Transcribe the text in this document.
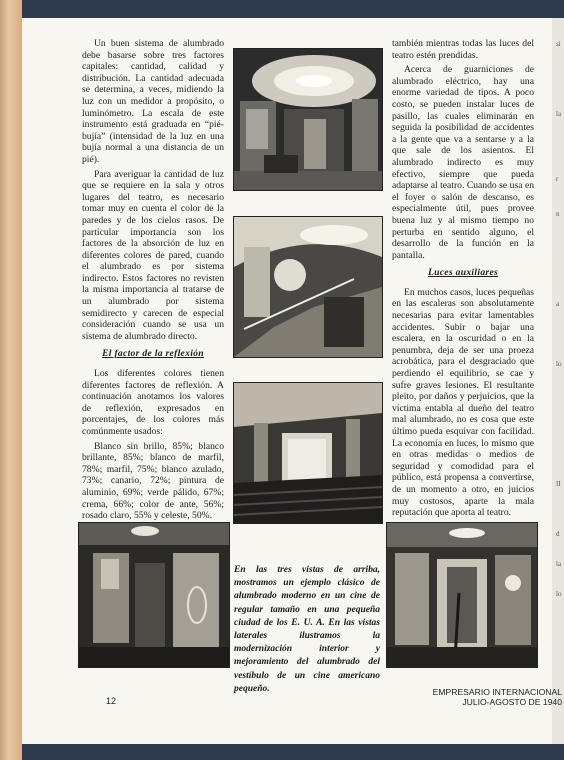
Un buen sistema de alumbrado debe basarse sobre tres factores capitales: cantidad, calidad y distribución. La cantidad adecuada se determina, a veces, midiendo la luz con un medidor a propósito, o luminómetro. La escala de este instrumento está graduada en “pié-bujía” (intensidad de la luz en una bujía normal a una distancia de un pié).

Para averiguar la cantidad de luz que se requiere en la sala y otros lugares del teatro, es necesario tomar muy en cuenta el color de la paredes y de los cielos rasos. De particular importancia son los factores de la absorción de luz en diferentes colores de pared, cuando el alumbrado es por sistema indirecto. Estos factores no revisten la misma importancia al tratarse de un alumbrado por sistema semidirecto y carecen de especial consideración cuando se usa un sistema de alumbrado directo.

El factor de la reflexión

Los diferentes colores tienen diferentes factores de reflexión. A continuación anotamos los valores de reflexión, expresados en porcentajes, de los colores más comúnmente usados:

Blanco sin brillo, 85%; blanco brillante, 85%; blanco de marfil, 78%; marfil, 75%; blanco azulado, 73%; canario, 72%; pintura de aluminio, 69%; verde pálido, 67%; crema, 66%; color de ante, 56%; rosado claro, 55% y celeste, 50%.

también mientras todas las luces del teatro estén prendidas.

Acerca de guarniciones de alumbrado eléctrico, hay una enorme variedad de tipos. A poco costo, se pueden instalar luces de pasillo, las cuales eliminarán en seguida la posibilidad de accidentes a la gente que va a sentarse y a la que sale de los asientos. El alumbrado indirecto es muy efectivo, siempre que pueda adaptarse al teatro. Cuando se usa en el foyer o salón de descanso, es especialmente útil, pues provee buena luz y al mismo tiempo no perturba en sentido alguno, el desarrollo de la función en la pantalla.

Luces auxiliares

En muchos casos, luces pequeñas en las escaleras son absolutamente necesarias para evitar lamentables accidentes. Subir o bajar una escalera, en la oscuridad o en la penumbra, deja de ser una proeza acrobática, para el desgraciado que perdiendo el equilibrio, se cae y sufre graves lesiones. El resultante pleito, por daños y perjuicios, que la víctima entabla al dueño del teatro mal alumbrado, no es cosa que este último pueda esquivar con facilidad. La economía en luces, lo mismo que en otras medidas o medios de seguridad y comodidad para el público, está propensa a convertirse, de un momento a otro, en juicios muy costosos, aparte la mala reputación que aporta al teatro.

En las tres vistas de arriba, mostramos un ejemplo clásico de alumbrado moderno en un cine de regular tamaño en una pequeña ciudad de los E. U. A. En las vistas laterales ilustramos la modernización interior y mejoramiento del alumbrado del vestíbulo de un cine americano pequeño.
12
EMPRESARIO INTERNACIONAL
JULIO-AGOSTO DE 1940
si
la
r
n
a
lo
II
d
la
lo
